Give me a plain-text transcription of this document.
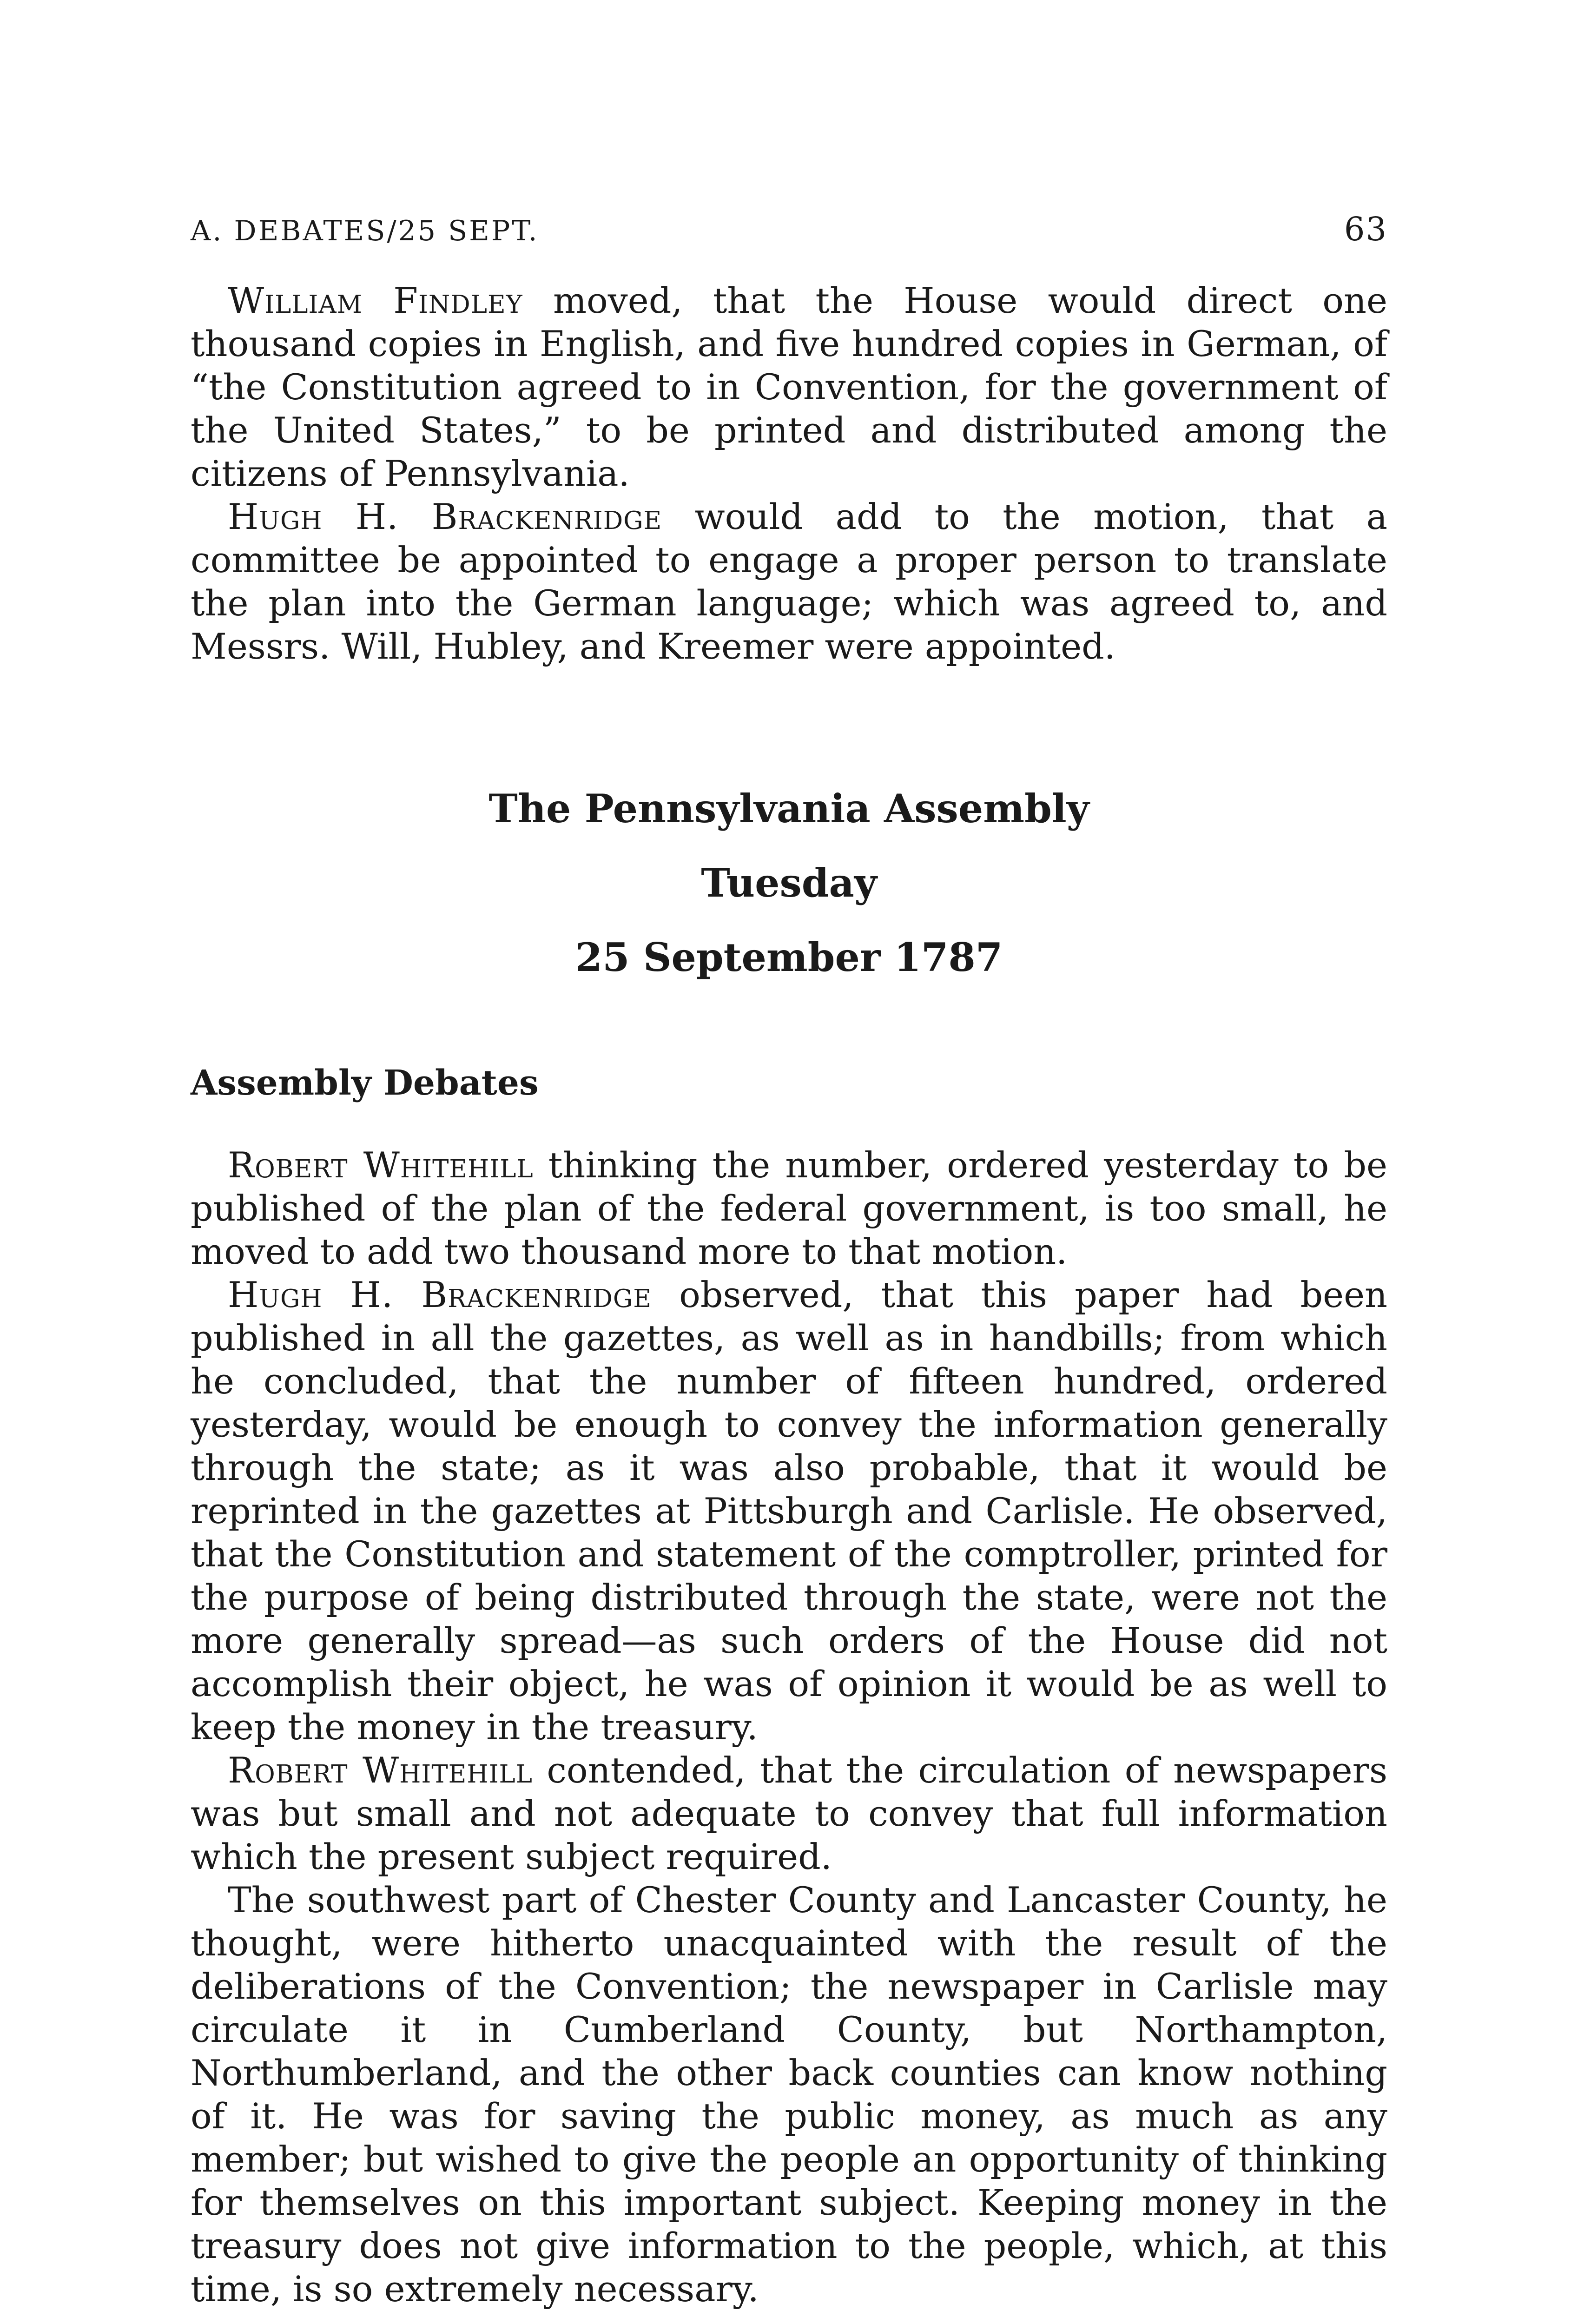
A. DEBATES/25 SEPT.	63

William Findley moved, that the House would direct one thousand copies in English, and five hundred copies in German, of “the Constitution agreed to in Convention, for the government of the United States,” to be printed and distributed among the citizens of Pennsylvania.

Hugh H. Brackenridge would add to the motion, that a committee be appointed to engage a proper person to translate the plan into the German language; which was agreed to, and Messrs. Will, Hubley, and Kreemer were appointed.

The Pennsylvania Assembly
Tuesday
25 September 1787
Assembly Debates

Robert Whitehill thinking the number, ordered yesterday to be published of the plan of the federal government, is too small, he moved to add two thousand more to that motion.

Hugh H. Brackenridge observed, that this paper had been published in all the gazettes, as well as in handbills; from which he concluded, that the number of fifteen hundred, ordered yesterday, would be enough to convey the information generally through the state; as it was also probable, that it would be reprinted in the gazettes at Pittsburgh and Carlisle. He observed, that the Constitution and statement of the comptroller, printed for the purpose of being distributed through the state, were not the more generally spread—as such orders of the House did not accomplish their object, he was of opinion it would be as well to keep the money in the treasury.

Robert Whitehill contended, that the circulation of newspapers was but small and not adequate to convey that full information which the present subject required.

The southwest part of Chester County and Lancaster County, he thought, were hitherto unacquainted with the result of the deliberations of the Convention; the newspaper in Carlisle may circulate it in Cumberland County, but Northampton, Northumberland, and the other back counties can know nothing of it. He was for saving the public money, as much as any member; but wished to give the people an opportunity of thinking for themselves on this important subject. Keeping money in the treasury does not give information to the people, which, at this time, is so extremely necessary.
